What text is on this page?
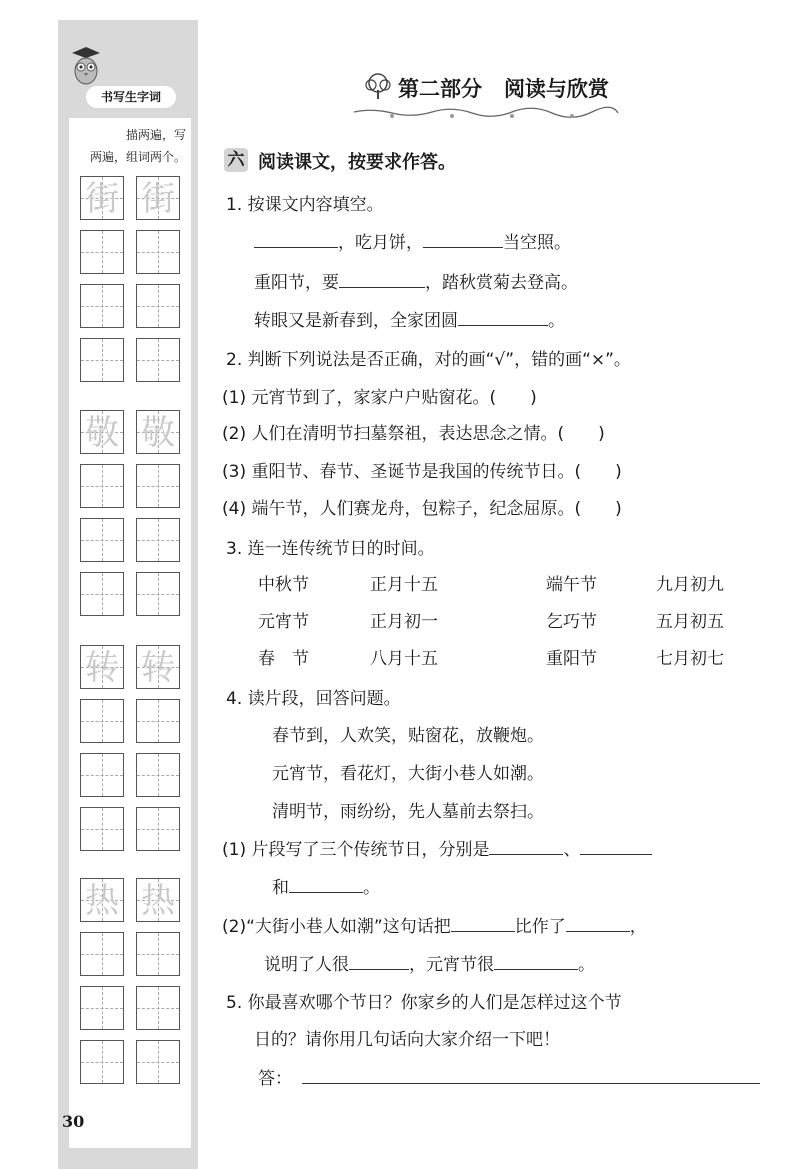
书写生字词
描两遍，写
两遍，组词两个。
街 街
敬 敬
转 转
热 热
30
第二部分 阅读与欣赏
六 阅读课文，按要求作答。
1. 按课文内容填空。
，吃月饼，	当空照。
重阳节，要	，踏秋赏菊去登高。
转眼又是新春到，全家团圆	。
2. 判断下列说法是否正确，对的画“√”，错的画“×”。
(1) 元宵节到了，家家户户贴窗花。(　　)
(2) 人们在清明节扫墓祭祖，表达思念之情。(　　)
(3) 重阳节、春节、圣诞节是我国的传统节日。(　　)
(4) 端午节，人们赛龙舟，包粽子，纪念屈原。(　　)
3. 连一连传统节日的时间。
中秋节	正月十五	端午节	九月初九
元宵节	正月初一	乞巧节	五月初五
春　节	八月十五	重阳节	七月初七
4. 读片段，回答问题。
春节到，人欢笑，贴窗花，放鞭炮。
元宵节，看花灯，大街小巷人如潮。
清明节，雨纷纷，先人墓前去祭扫。
(1) 片段写了三个传统节日，分别是	、
和	。
(2)“大街小巷人如潮”这句话把	比作了	，
说明了人很	，元宵节很	。
5. 你最喜欢哪个节日？你家乡的人们是怎样过这个节
日的？请你用几句话向大家介绍一下吧！
答：
